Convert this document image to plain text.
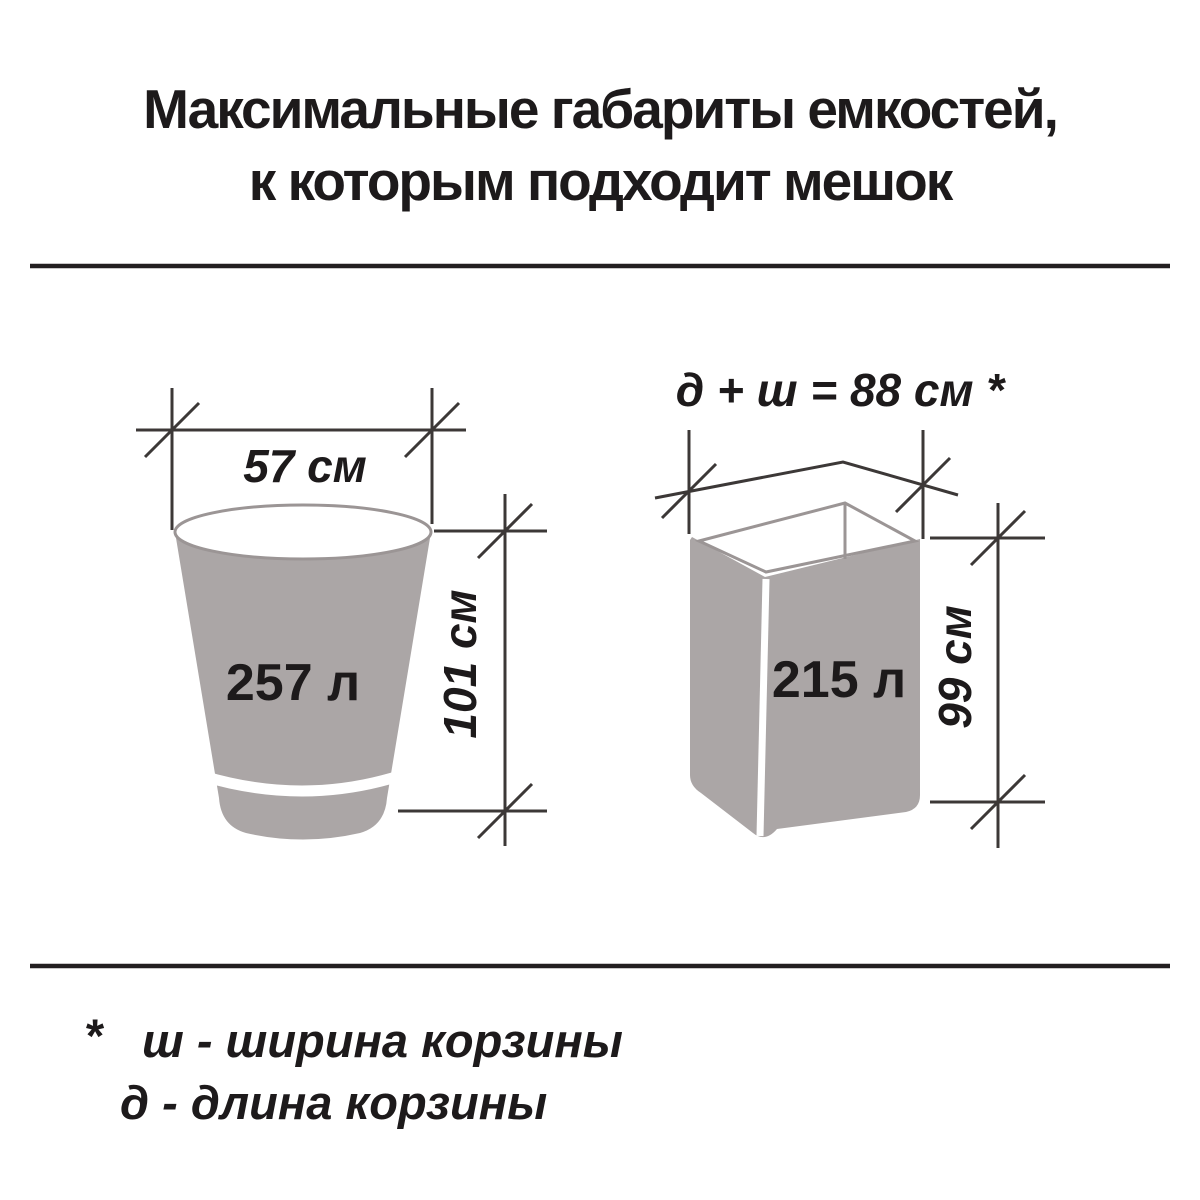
Максимальные габариты емкостей,
к которым подходит мешок
257 л
57 см
101 см	215 л
д + ш = 88 см *
99 см
* ш - ширина корзины
д - длина корзины
